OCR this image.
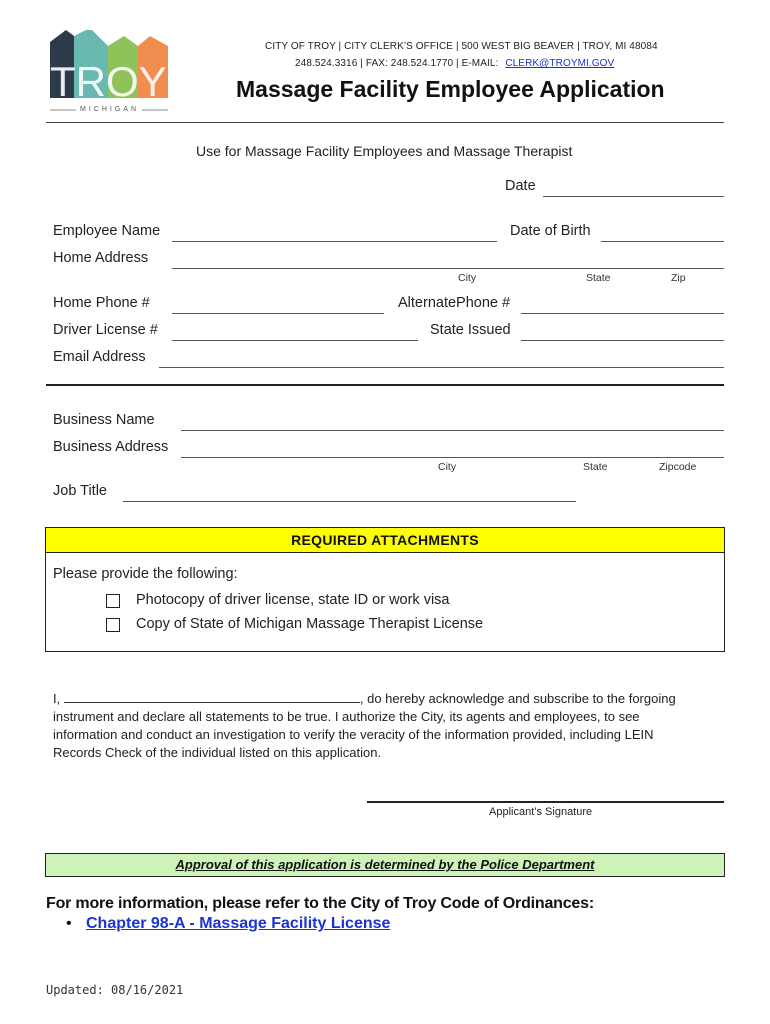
TROY
MICHIGAN
CITY OF TROY | CITY CLERK’S OFFICE | 500 WEST BIG BEAVER | TROY, MI 48084
248.524.3316 | FAX: 248.524.1770 | E-MAIL: CLERK@TROYMI.GOV
Massage Facility Employee Application
Use for Massage Facility Employees and Massage Therapist
Date
Employee Name	Date of Birth
Home Address
City	State	Zip
Home Phone #	AlternatePhone #
Driver License #	State Issued
Email Address
Business Name
Business Address
City	State	Zipcode
Job Title
REQUIRED ATTACHMENTS
Please provide the following:
Photocopy of driver license, state ID or work visa
Copy of State of Michigan Massage Therapist License
I,	, do hereby acknowledge and subscribe to the forgoing
instrument and declare all statements to be true. I authorize the City, its agents and employees, to see
information and conduct an investigation to verify the veracity of the information provided, including LEIN
Records Check of the individual listed on this application.
Applicant’s Signature
Approval of this application is determined by the Police Department
For more information, please refer to the City of Troy Code of Ordinances:
• Chapter 98-A - Massage Facility License
Updated: 08/16/2021
